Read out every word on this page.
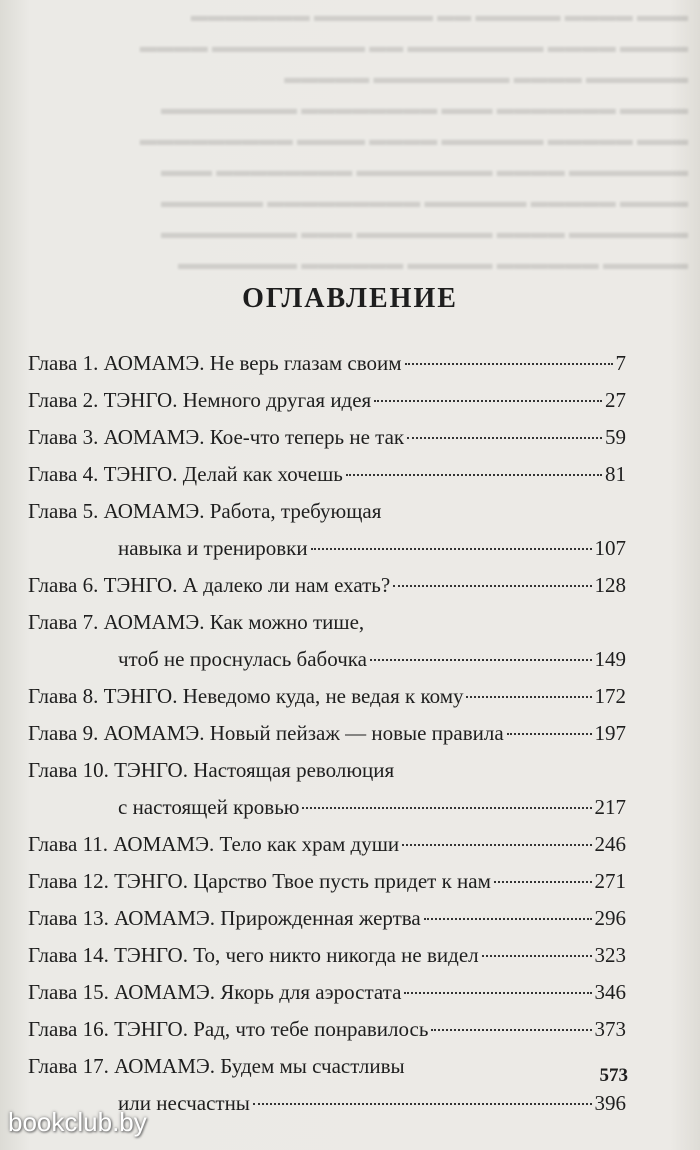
▬▬▬ ▬▬▬▬ ▬▬▬▬▬ ▬▬ ▬▬▬▬▬▬▬ ▬▬▬▬▬▬▬
▬▬▬▬ ▬▬▬▬ ▬▬▬▬▬▬▬▬ ▬▬ ▬▬▬▬▬▬▬▬▬ ▬▬▬▬
▬▬▬▬▬▬ ▬▬▬▬ ▬▬▬▬▬▬▬▬ ▬▬▬▬▬
▬▬▬▬ ▬▬▬▬▬▬▬ ▬▬▬ ▬▬▬▬▬▬▬▬ ▬▬▬▬▬▬▬▬
▬▬▬ ▬▬▬▬▬ ▬▬▬▬▬▬ ▬▬▬▬ ▬▬▬▬ ▬▬▬▬▬▬▬▬▬
▬▬▬▬▬▬▬ ▬▬▬▬ ▬▬▬▬▬▬▬▬ ▬▬▬▬▬▬▬▬ ▬▬▬
▬▬▬▬ ▬▬▬▬▬ ▬▬▬▬▬▬ ▬▬▬▬▬▬▬▬▬ ▬▬▬▬▬▬
▬▬▬▬▬▬▬ ▬▬▬▬ ▬▬▬▬▬▬▬▬ ▬▬▬ ▬▬▬▬▬▬▬▬
▬▬▬▬▬ ▬▬▬▬▬▬ ▬▬▬▬▬ ▬▬▬▬▬▬ ▬▬▬▬▬▬▬
ОГЛАВЛЕНИЕ
Глава 1. АОМАМЭ. Не верь глазам своим	7
Глава 2. ТЭНГО. Немного другая идея	27
Глава 3. АОМАМЭ. Кое-что теперь не так	59
Глава 4. ТЭНГО. Делай как хочешь	81
Глава 5. АОМАМЭ. Работа, требующая
навыка и тренировки	107
Глава 6. ТЭНГО. А далеко ли нам ехать?	128
Глава 7. АОМАМЭ. Как можно тише,
чтоб не проснулась бабочка	149
Глава 8. ТЭНГО. Неведомо куда, не ведая к кому	172
Глава 9. АОМАМЭ. Новый пейзаж — новые правила	197
Глава 10. ТЭНГО. Настоящая революция
с настоящей кровью	217
Глава 11. АОМАМЭ. Тело как храм души	246
Глава 12. ТЭНГО. Царство Твое пусть придет к нам	271
Глава 13. АОМАМЭ. Прирожденная жертва	296
Глава 14. ТЭНГО. То, чего никто никогда не видел	323
Глава 15. АОМАМЭ. Якорь для аэростата	346
Глава 16. ТЭНГО. Рад, что тебе понравилось	373
Глава 17. АОМАМЭ. Будем мы счастливы
или несчастны	396
573
bookclub.by
